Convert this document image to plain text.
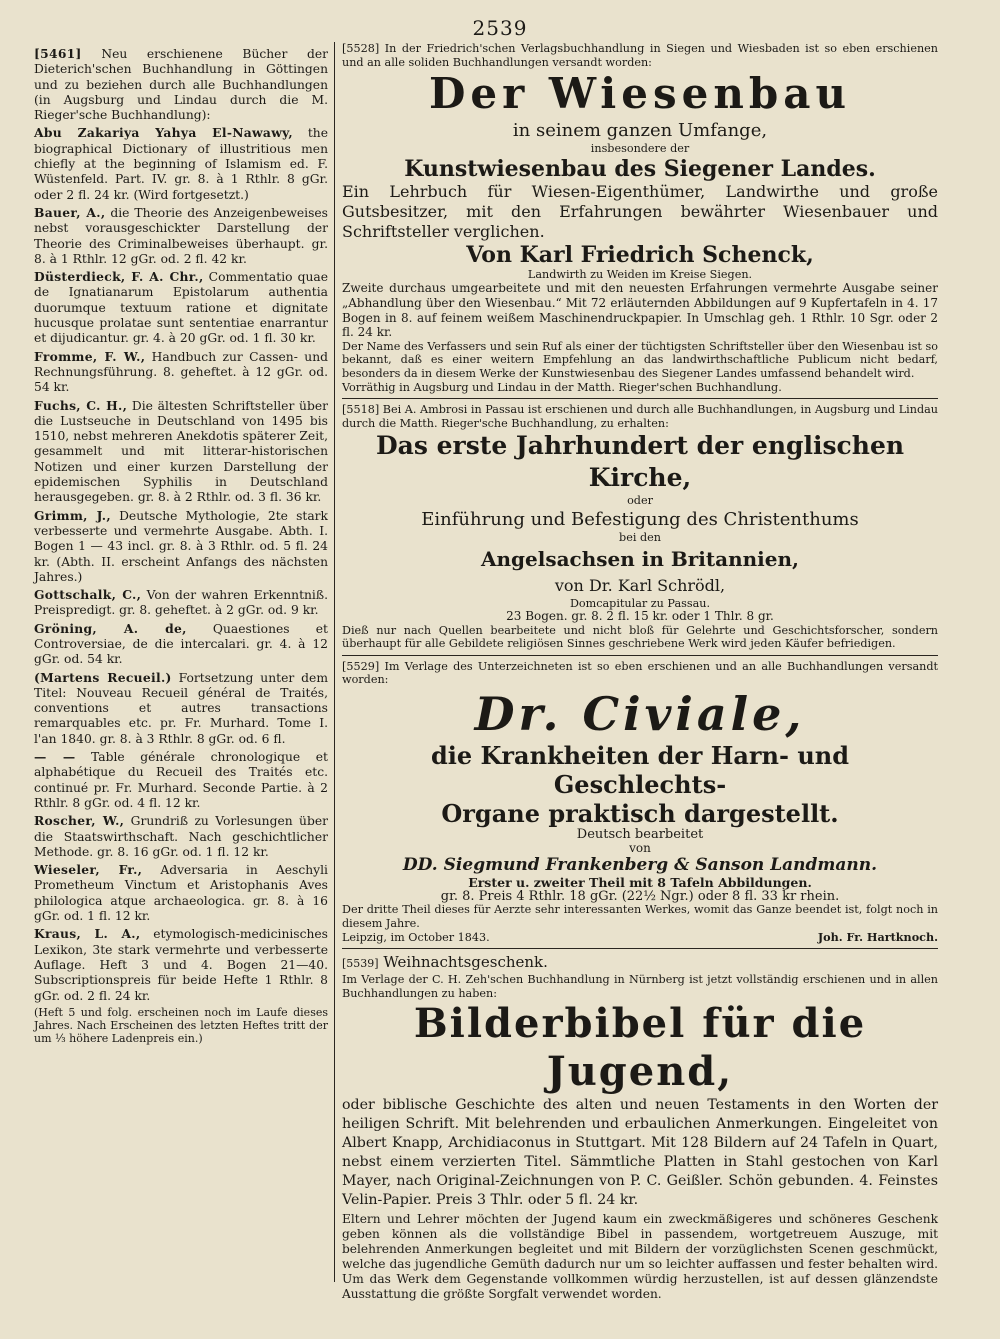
2539

[5461] Neu erschienene Bücher der Dieterich'schen Buchhandlung in Göttingen und zu beziehen durch alle Buchhandlungen (in Augsburg und Lindau durch die M. Rieger'sche Buchhandlung):

Abu Zakariya Yahya El-Nawawy, the biographical Dictionary of illustritious men chiefly at the beginning of Islamism ed. F. Wüstenfeld. Part. IV. gr. 8. à 1 Rthlr. 8 gGr. oder 2 fl. 24 kr. (Wird fortgesetzt.)

Bauer, A., die Theorie des Anzeigenbeweises nebst vorausgeschickter Darstellung der Theorie des Criminalbeweises überhaupt. gr. 8. à 1 Rthlr. 12 gGr. od. 2 fl. 42 kr.

Düsterdieck, F. A. Chr., Commentatio quae de Ignatianarum Epistolarum authentia duorumque textuum ratione et dignitate hucusque prolatae sunt sententiae enarrantur et dijudicantur. gr. 4. à 20 gGr. od. 1 fl. 30 kr.

Fromme, F. W., Handbuch zur Cassen- und Rechnungsführung. 8. geheftet. à 12 gGr. od. 54 kr.

Fuchs, C. H., Die ältesten Schriftsteller über die Lustseuche in Deutschland von 1495 bis 1510, nebst mehreren Anekdotis späterer Zeit, gesammelt und mit litterar-historischen Notizen und einer kurzen Darstellung der epidemischen Syphilis in Deutschland herausgegeben. gr. 8. à 2 Rthlr. od. 3 fl. 36 kr.

Grimm, J., Deutsche Mythologie, 2te stark verbesserte und vermehrte Ausgabe. Abth. I. Bogen 1 — 43 incl. gr. 8. à 3 Rthlr. od. 5 fl. 24 kr. (Abth. II. erscheint Anfangs des nächsten Jahres.)

Gottschalk, C., Von der wahren Erkenntniß. Preispredigt. gr. 8. geheftet. à 2 gGr. od. 9 kr.

Gröning, A. de, Quaestiones et Controversiae, de die intercalari. gr. 4. à 12 gGr. od. 54 kr.

(Martens Recueil.) Fortsetzung unter dem Titel: Nouveau Recueil général de Traités, conventions et autres transactions remarquables etc. pr. Fr. Murhard. Tome I. l'an 1840. gr. 8. à 3 Rthlr. 8 gGr. od. 6 fl.

— — Table générale chronologique et alphabétique du Recueil des Traités etc. continué pr. Fr. Murhard. Seconde Partie. à 2 Rthlr. 8 gGr. od. 4 fl. 12 kr.

Roscher, W., Grundriß zu Vorlesungen über die Staatswirthschaft. Nach geschichtlicher Methode. gr. 8. 16 gGr. od. 1 fl. 12 kr.

Wieseler, Fr., Adversaria in Aeschyli Prometheum Vinctum et Aristophanis Aves philologica atque archaeologica. gr. 8. à 16 gGr. od. 1 fl. 12 kr.

Kraus, L. A., etymologisch-medicinisches Lexikon, 3te stark vermehrte und verbesserte Auflage. Heft 3 und 4. Bogen 21—40. Subscriptionspreis für beide Hefte 1 Rthlr. 8 gGr. od. 2 fl. 24 kr.

(Heft 5 und folg. erscheinen noch im Laufe dieses Jahres. Nach Erscheinen des letzten Heftes tritt der um ⅓ höhere Ladenpreis ein.)

[5528] In der Friedrich'schen Verlagsbuchhandlung in Siegen und Wiesbaden ist so eben erschienen und an alle soliden Buchhandlungen versandt worden:
Der Wiesenbau
in seinem ganzen Umfange,
insbesondere der
Kunstwiesenbau des Siegener Landes.
Ein Lehrbuch für Wiesen-Eigenthümer, Landwirthe und große Gutsbesitzer, mit den Erfahrungen bewährter Wiesenbauer und Schriftsteller verglichen.
Von Karl Friedrich Schenck,
Landwirth zu Weiden im Kreise Siegen.
Zweite durchaus umgearbeitete und mit den neuesten Erfahrungen vermehrte Ausgabe seiner „Abhandlung über den Wiesenbau.“ Mit 72 erläuternden Abbildungen auf 9 Kupfertafeln in 4. 17 Bogen in 8. auf feinem weißem Maschinendruckpapier. In Umschlag geh. 1 Rthlr. 10 Sgr. oder 2 fl. 24 kr.
Der Name des Verfassers und sein Ruf als einer der tüchtigsten Schriftsteller über den Wiesenbau ist so bekannt, daß es einer weitern Empfehlung an das landwirthschaftliche Publicum nicht bedarf, besonders da in diesem Werke der Kunstwiesenbau des Siegener Landes umfassend behandelt wird.
Vorräthig in Augsburg und Lindau in der Matth. Rieger'schen Buchhandlung.
[5518] Bei A. Ambrosi in Passau ist erschienen und durch alle Buchhandlungen, in Augsburg und Lindau durch die Matth. Rieger'sche Buchhandlung, zu erhalten:
Das erste Jahrhundert der englischen Kirche,
oder
Einführung und Befestigung des Christenthums
bei den
Angelsachsen in Britannien,
von Dr. Karl Schrödl,
Domcapitular zu Passau.
23 Bogen. gr. 8. 2 fl. 15 kr. oder 1 Thlr. 8 gr.
Dieß nur nach Quellen bearbeitete und nicht bloß für Gelehrte und Geschichtsforscher, sondern überhaupt für alle Gebildete religiösen Sinnes geschriebene Werk wird jeden Käufer befriedigen.
[5529] Im Verlage des Unterzeichneten ist so eben erschienen und an alle Buchhandlungen versandt worden:
Dr. Civiale,
die Krankheiten der Harn- und Geschlechts-
Organe praktisch dargestellt.
Deutsch bearbeitet
von
DD. Siegmund Frankenberg & Sanson Landmann.
Erster u. zweiter Theil mit 8 Tafeln Abbildungen.
gr. 8. Preis 4 Rthlr. 18 gGr. (22½ Ngr.) oder 8 fl. 33 kr rhein.
Der dritte Theil dieses für Aerzte sehr interessanten Werkes, womit das Ganze beendet ist, folgt noch in diesem Jahre.
Leipzig, im October 1843.	Joh. Fr. Hartknoch.
[5539] Weihnachtsgeschenk.
Im Verlage der C. H. Zeh'schen Buchhandlung in Nürnberg ist jetzt vollständig erschienen und in allen Buchhandlungen zu haben:
Bilderbibel für die Jugend,
oder biblische Geschichte des alten und neuen Testaments in den Worten der heiligen Schrift. Mit belehrenden und erbaulichen Anmerkungen. Eingeleitet von Albert Knapp, Archidiaconus in Stuttgart. Mit 128 Bildern auf 24 Tafeln in Quart, nebst einem verzierten Titel. Sämmtliche Platten in Stahl gestochen von Karl Mayer, nach Original-Zeichnungen von P. C. Geißler. Schön gebunden. 4. Feinstes Velin-Papier. Preis 3 Thlr. oder 5 fl. 24 kr.
Eltern und Lehrer möchten der Jugend kaum ein zweckmäßigeres und schöneres Geschenk geben können als die vollständige Bibel in passendem, wortgetreuem Auszuge, mit belehrenden Anmerkungen begleitet und mit Bildern der vorzüglichsten Scenen geschmückt, welche das jugendliche Gemüth dadurch nur um so leichter auffassen und fester behalten wird. Um das Werk dem Gegenstande vollkommen würdig herzustellen, ist auf dessen glänzendste Ausstattung die größte Sorgfalt verwendet worden.
